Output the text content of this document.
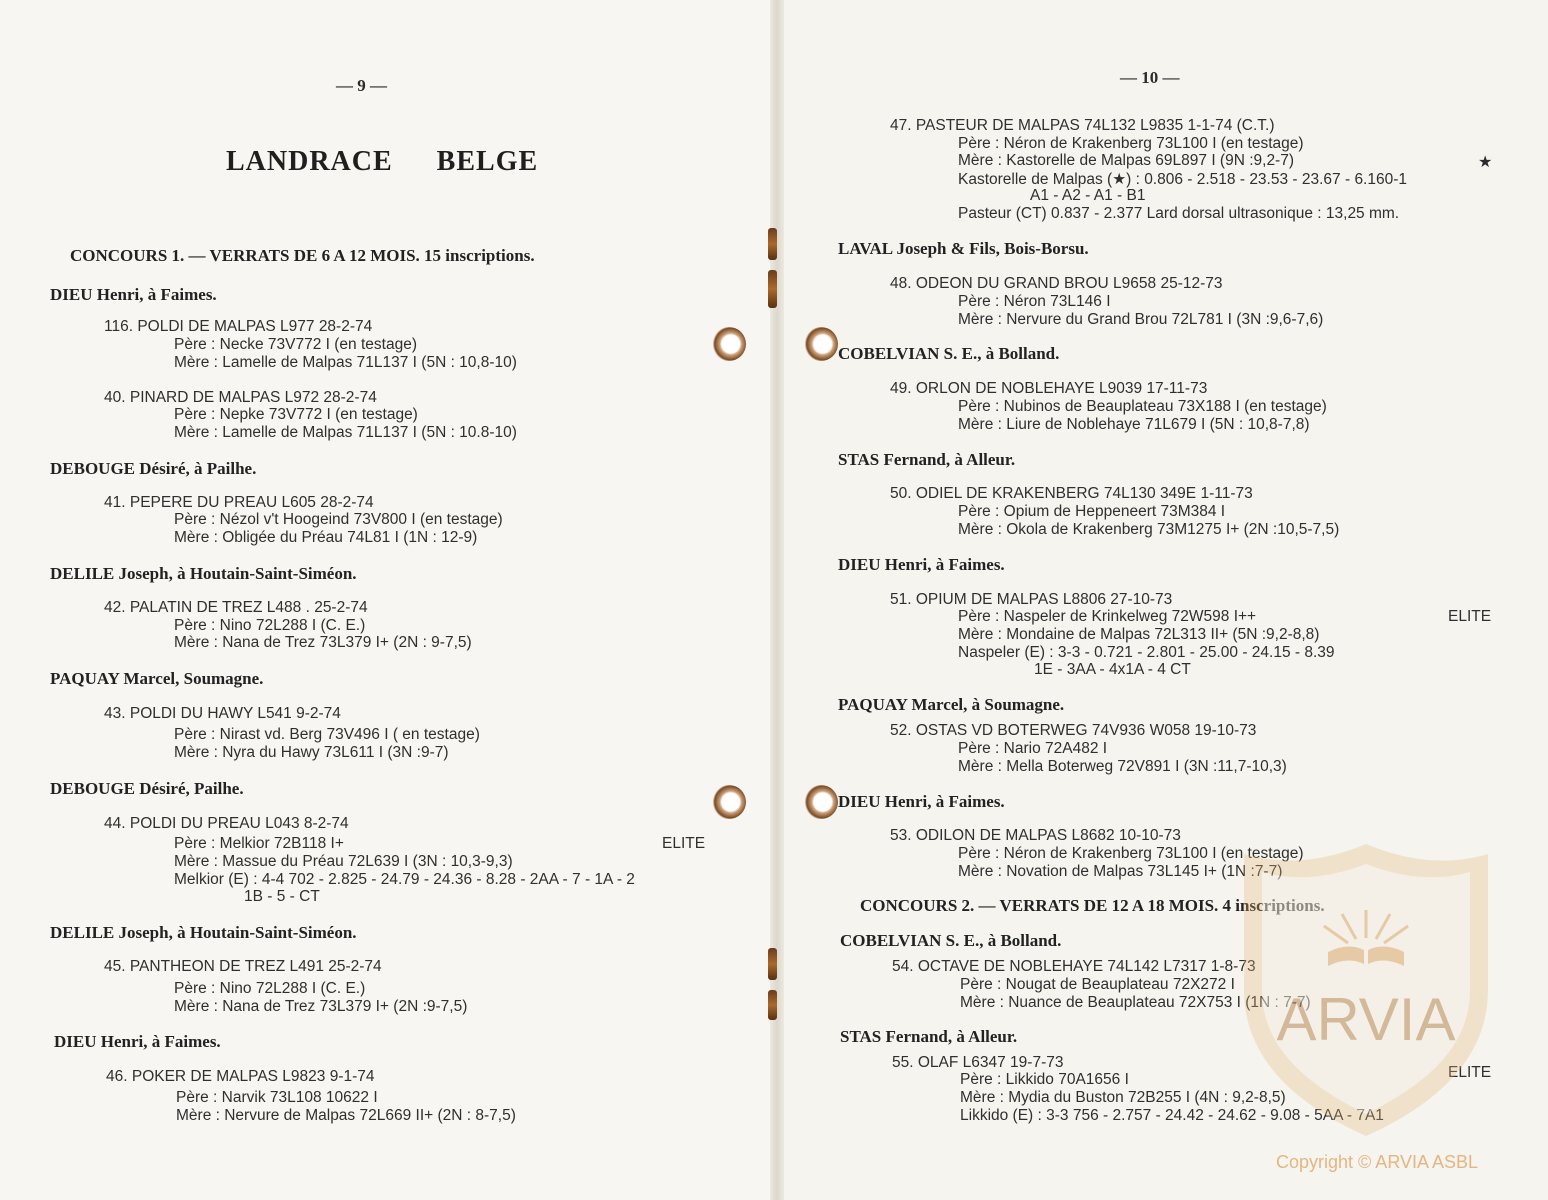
— 9 —
LANDRACE BELGE
CONCOURS 1. — VERRATS DE 6 A 12 MOIS. 15 inscriptions.
DIEU Henri, à Faimes.
116. POLDI DE MALPAS L977 28-2-74
Père : Necke 73V772 I (en testage)
Mère : Lamelle de Malpas 71L137 I (5N : 10,8-10)
40. PINARD DE MALPAS L972 28-2-74
Père : Nepke 73V772 I (en testage)
Mère : Lamelle de Malpas 71L137 I (5N : 10.8-10)
DEBOUGE Désiré, à Pailhe.
41. PEPERE DU PREAU L605 28-2-74
Père : Nézol v't Hoogeind 73V800 I (en testage)
Mère : Obligée du Préau 74L81 I (1N : 12-9)
DELILE Joseph, à Houtain-Saint-Siméon.
42. PALATIN DE TREZ L488 . 25-2-74
Père : Nino 72L288 I (C. E.)
Mère : Nana de Trez 73L379 I+ (2N : 9-7,5)
PAQUAY Marcel, Soumagne.
43. POLDI DU HAWY L541 9-2-74
Père : Nirast vd. Berg 73V496 I ( en testage)
Mère : Nyra du Hawy 73L611 I (3N :9-7)
DEBOUGE Désiré, Pailhe.
44. POLDI DU PREAU L043 8-2-74
Père : Melkior 72B118 I+	ELITE
Mère : Massue du Préau 72L639 I (3N : 10,3-9,3)
Melkior (E) : 4-4 702 - 2.825 - 24.79 - 24.36 - 8.28 - 2AA - 7 - 1A - 2
1B - 5 - CT
DELILE Joseph, à Houtain-Saint-Siméon.
45. PANTHEON DE TREZ L491 25-2-74
Père : Nino 72L288 I (C. E.)
Mère : Nana de Trez 73L379 I+ (2N :9-7,5)
DIEU Henri, à Faimes.
46. POKER DE MALPAS L9823 9-1-74
Père : Narvik 73L108 10622 I
Mère : Nervure de Malpas 72L669 II+ (2N : 8-7,5)
— 10 —
47. PASTEUR DE MALPAS 74L132 L9835 1-1-74 (C.T.)
Père : Néron de Krakenberg 73L100 I (en testage)
Mère : Kastorelle de Malpas 69L897 I (9N :9,2-7)	★
Kastorelle de Malpas (★) : 0.806 - 2.518 - 23.53 - 23.67 - 6.160-1
A1 - A2 - A1 - B1
Pasteur (CT) 0.837 - 2.377 Lard dorsal ultrasonique : 13,25 mm.
LAVAL Joseph & Fils, Bois-Borsu.
48. ODEON DU GRAND BROU L9658 25-12-73
Père : Néron 73L146 I
Mère : Nervure du Grand Brou 72L781 I (3N :9,6-7,6)
COBELVIAN S. E., à Bolland.
49. ORLON DE NOBLEHAYE L9039 17-11-73
Père : Nubinos de Beauplateau 73X188 I (en testage)
Mère : Liure de Noblehaye 71L679 I (5N : 10,8-7,8)
STAS Fernand, à Alleur.
50. ODIEL DE KRAKENBERG 74L130 349E 1-11-73
Père : Opium de Heppeneert 73M384 I
Mère : Okola de Krakenberg 73M1275 I+ (2N :10,5-7,5)
DIEU Henri, à Faimes.
51. OPIUM DE MALPAS L8806 27-10-73
Père : Naspeler de Krinkelweg 72W598 I++	ELITE
Mère : Mondaine de Malpas 72L313 II+ (5N :9,2-8,8)
Naspeler (E) : 3-3 - 0.721 - 2.801 - 25.00 - 24.15 - 8.39
1E - 3AA - 4x1A - 4 CT
PAQUAY Marcel, à Soumagne.
52. OSTAS VD BOTERWEG 74V936 W058 19-10-73
Père : Nario 72A482 I
Mère : Mella Boterweg 72V891 I (3N :11,7-10,3)
DIEU Henri, à Faimes.
53. ODILON DE MALPAS L8682 10-10-73
Père : Néron de Krakenberg 73L100 I (en testage)
Mère : Novation de Malpas 73L145 I+ (1N :7-7)
CONCOURS 2. — VERRATS DE 12 A 18 MOIS. 4 inscriptions.
COBELVIAN S. E., à Bolland.
54. OCTAVE DE NOBLEHAYE 74L142 L7317 1-8-73
Père : Nougat de Beauplateau 72X272 I
Mère : Nuance de Beauplateau 72X753 I (1N : 7-7)
STAS Fernand, à Alleur.
55. OLAF L6347 19-7-73
Père : Likkido 70A1656 I	ELITE
Mère : Mydia du Buston 72B255 I (4N : 9,2-8,5)
Likkido (E) : 3-3 756 - 2.757 - 24.42 - 24.62 - 9.08 - 5AA - 7A1
ARVIA
Copyright © ARVIA ASBL
